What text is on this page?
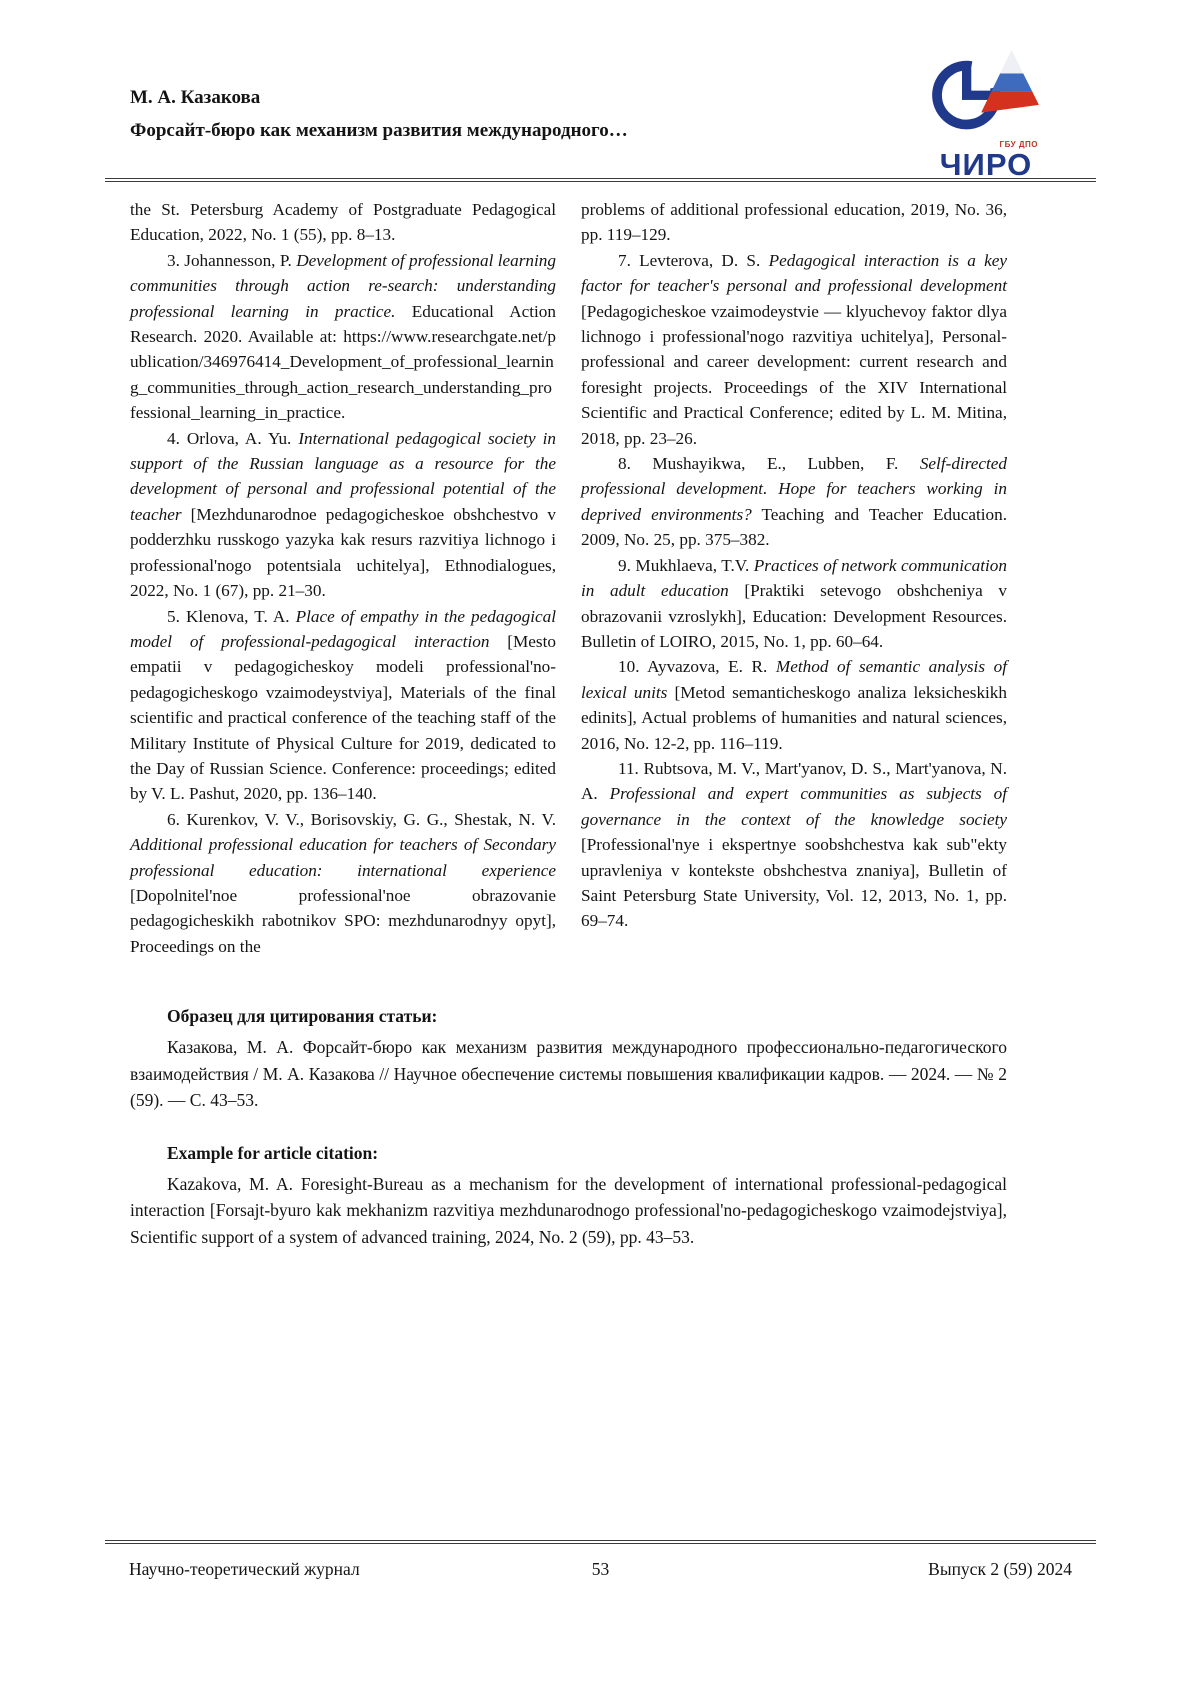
М. А. Казакова
Форсайт-бюро как механизм развития международного…
ГБУ ДПО
ЧИРО
the St. Petersburg Academy of Postgraduate Pedagogical Education, 2022, No. 1 (55), pp. 8–13.
3. Johannesson, P. Development of professional learning communities through action re-search: understanding professional learning in practice. Educational Action Research. 2020. Available at: https://www.researchgate.net/publication/346976414_Development_of_professional_learning_communities_through_action_research_understanding_professional_learning_in_practice.
4. Orlova, A. Yu. International pedagogical society in support of the Russian language as a resource for the development of personal and professional potential of the teacher [Mezhdunarodnoe pedagogicheskoe obshchestvo v podderzhku russkogo yazyka kak resurs razvitiya lichnogo i professional'nogo potentsiala uchitelya], Ethnodialogues, 2022, No. 1 (67), pp. 21–30.
5. Klenova, T. A. Place of empathy in the pedagogical model of professional-pedagogical interaction [Mesto empatii v pedagogicheskoy modeli professional'no-pedagogicheskogo vzaimodeystviya], Materials of the final scientific and practical conference of the teaching staff of the Military Institute of Physical Culture for 2019, dedicated to the Day of Russian Science. Conference: proceedings; edited by V. L. Pashut, 2020, pp. 136–140.
6. Kurenkov, V. V., Borisovskiy, G. G., Shestak, N. V. Additional professional education for teachers of Secondary professional education: international experience [Dopolnitel'noe professional'noe obrazovanie pedagogicheskikh rabotnikov SPO: mezhdunarodnyy opyt], Proceedings on the
problems of additional professional education, 2019, No. 36, pp. 119–129.
7. Levterova, D. S. Pedagogical interaction is a key factor for teacher's personal and professional development [Pedagogicheskoe vzaimodeystvie — klyuchevoy faktor dlya lichnogo i professional'nogo razvitiya uchitelya], Personal-professional and career development: current research and foresight projects. Proceedings of the XIV International Scientific and Practical Conference; edited by L. M. Mitina, 2018, pp. 23–26.
8. Mushayikwa, E., Lubben, F. Self-directed professional development. Hope for teachers working in deprived environments? Teaching and Teacher Education. 2009, No. 25, pp. 375–382.
9. Mukhlaeva, T.V. Practices of network communication in adult education [Praktiki setevogo obshcheniya v obrazovanii vzroslykh], Education: Development Resources. Bulletin of LOIRO, 2015, No. 1, pp. 60–64.
10. Ayvazova, E. R. Method of semantic analysis of lexical units [Metod semanticheskogo analiza leksicheskikh edinits], Actual problems of humanities and natural sciences, 2016, No. 12-2, pp. 116–119.
11. Rubtsova, M. V., Mart'yanov, D. S., Mart'yanova, N. A. Professional and expert communities as subjects of governance in the context of the knowledge society [Professional'nye i ekspertnye soobshchestva kak sub"ekty upravleniya v kontekste obshchestva znaniya], Bulletin of Saint Petersburg State University, Vol. 12, 2013, No. 1, pp. 69–74.
Образец для цитирования статьи:

Казакова, М. А. Форсайт-бюро как механизм развития международного профессионально-педагогического взаимодействия / М. А. Казакова // Научное обеспечение системы повышения квалификации кадров. — 2024. — № 2 (59). — С. 43–53.

Example for article citation:

Kazakova, M. A. Foresight-Bureau as a mechanism for the development of international professional-pedagogical interaction [Forsajt-byuro kak mekhanizm razvitiya mezhdunarodnogo professional'no-pedagogicheskogo vzaimodejstviya], Scientific support of a system of advanced training, 2024, No. 2 (59), pp. 43–53.

Научно-теоретический журнал	53	Выпуск 2 (59) 2024
